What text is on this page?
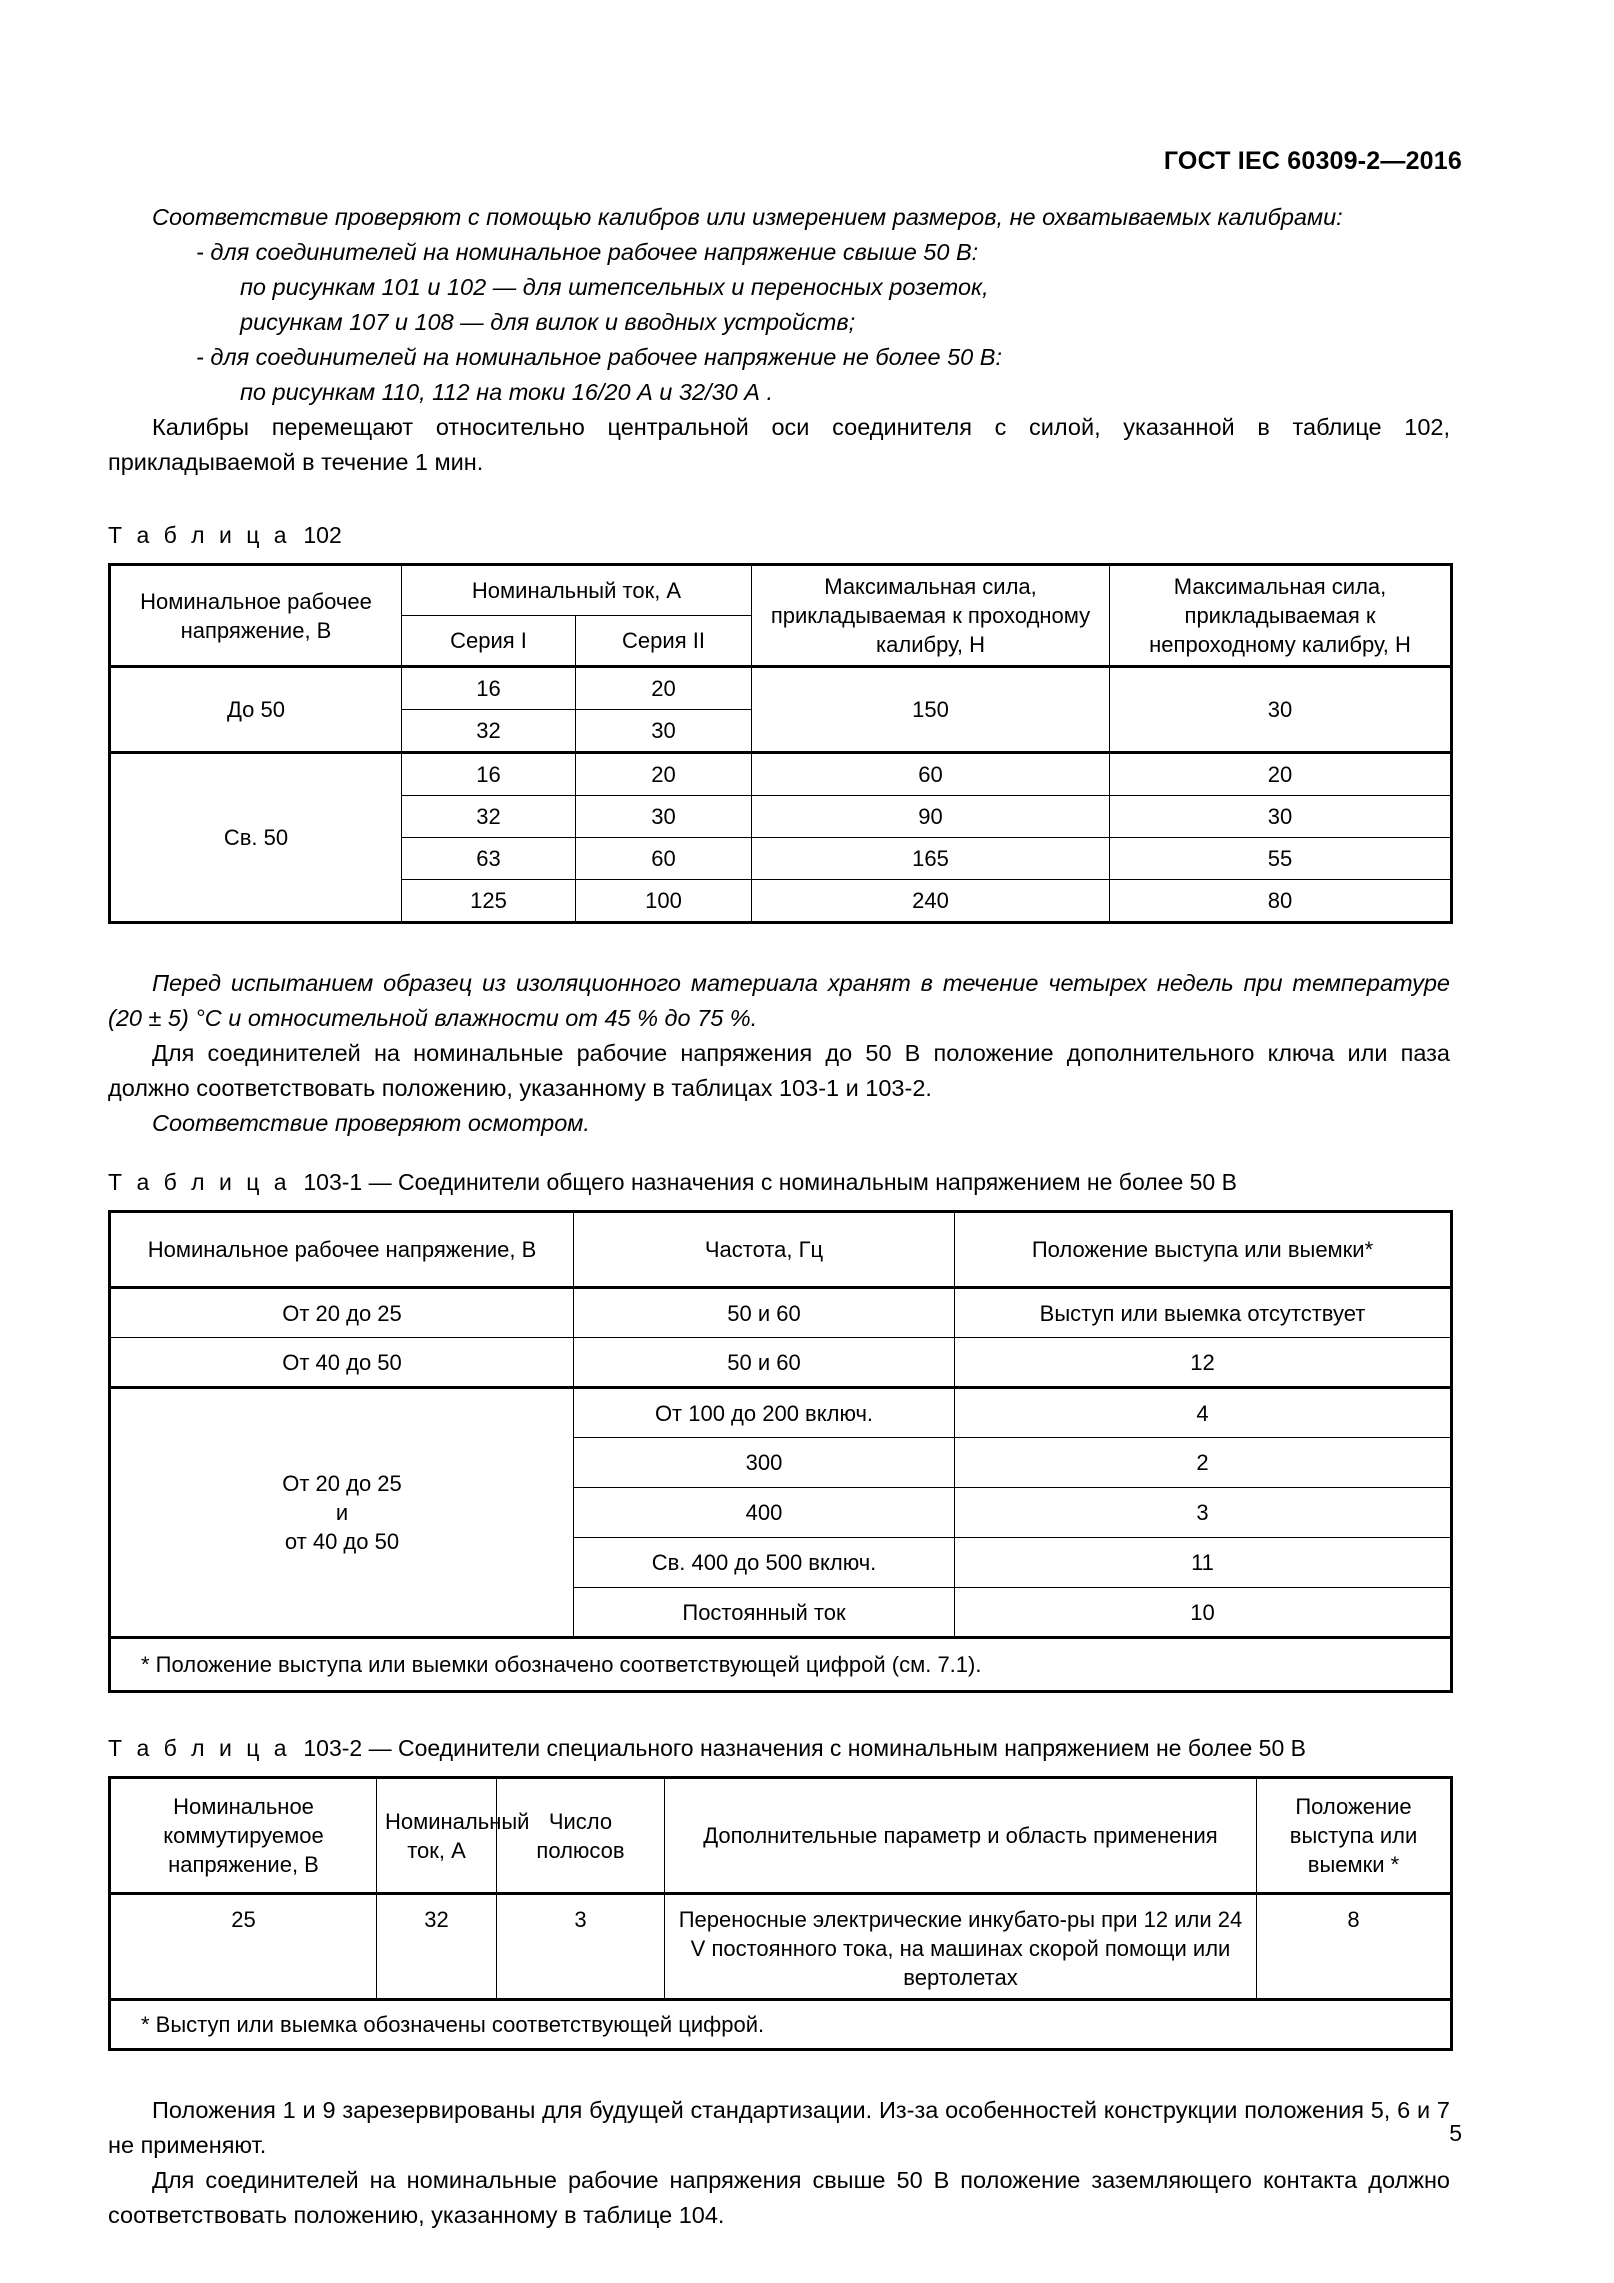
ГОСТ IEC 60309-2—2016

Соответствие проверяют с помощью калибров или измерением размеров, не охватываемых калибрами:

- для соединителей на номинальное рабочее напряжение свыше 50 В:

по рисункам 101 и 102 — для штепсельных и переносных розеток,

рисункам 107 и 108 — для вилок и вводных устройств;

- для соединителей на номинальное рабочее напряжение не более 50 В:

по рисункам 110, 112 на токи 16/20 А и 32/30 А .

Калибры перемещают относительно центральной оси соединителя с силой, указанной в таблице 102, прикладываемой в течение 1 мин.

Т а б л и ц а 102

Номинальное рабочее напряжение, В	Номинальный ток, А		Максимальная сила, прикладываемая к проходному калибру, Н	Максимальная сила, прикладываемая к непроходному калибру, Н
	Серия I	Серия II		
До 50	16	20	150	30
	32	30		
Св. 50	16	20	60	20
	32	30	90	30
	63	60	165	55
	125	100	240	80

Перед испытанием образец из изоляционного материала хранят в течение четырех недель при температуре (20 ± 5) °С и относительной влажности от 45 % до 75 %.

Для соединителей на номинальные рабочие напряжения до 50 В положение дополнительного ключа или паза должно соответствовать положению, указанному в таблицах 103-1 и 103-2.

Соответствие проверяют осмотром.

Т а б л и ц а 103-1 — Соединители общего назначения с номинальным напряжением не более 50 В

Номинальное рабочее напряжение, В	Частота, Гц	Положение выступа или выемки*
От 20 до 25	50 и 60	Выступ или выемка отсутствует
От 40 до 50	50 и 60	12
От 20 до 25
и
от 40 до 50	От 100 до 200 включ.	4
	300	2
	400	3
	Св. 400 до 500 включ.	11
	Постоянный ток	10
* Положение выступа или выемки обозначено соответствующей цифрой (см. 7.1).		

Т а б л и ц а 103-2 — Соединители специального назначения с номинальным напряжением не более 50 В

Номинальное коммутируемое напряжение, В	Номинальный ток, А	Число полюсов	Дополнительные параметр и область применения	Положение выступа или выемки *
25	32	3	Переносные электрические инкубато-ры при 12 или 24 V постоянного тока, на машинах скорой помощи или вертолетах	8
* Выступ или выемка обозначены соответствующей цифрой.				

Положения 1 и 9 зарезервированы для будущей стандартизации. Из-за особенностей конструкции положения 5, 6 и 7 не применяют.

Для соединителей на номинальные рабочие напряжения свыше 50 В положение заземляющего контакта должно соответствовать положению, указанному в таблице 104.

5
